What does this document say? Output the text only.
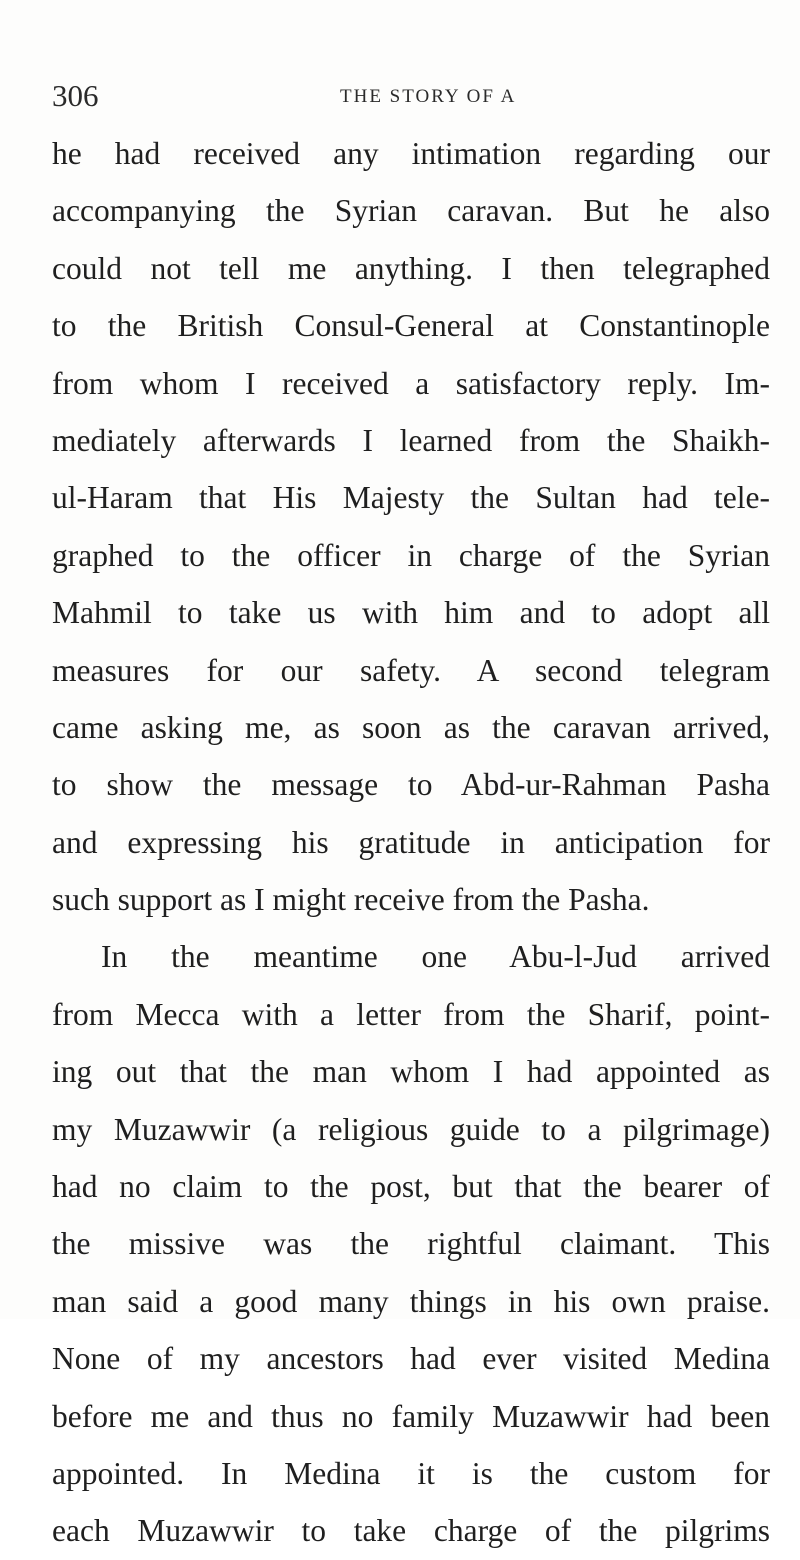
306	THE STORY OF A
he had received any intimation regarding our
accompanying the Syrian caravan. But he also
could not tell me anything. I then telegraphed
to the British Consul-General at Constantinople
from whom I received a satisfactory reply. Im-
mediately afterwards I learned from the Shaikh-
ul-Haram that His Majesty the Sultan had tele-
graphed to the officer in charge of the Syrian
Mahmil to take us with him and to adopt all
measures for our safety. A second telegram
came asking me, as soon as the caravan arrived,
to show the message to Abd-ur-Rahman Pasha
and expressing his gratitude in anticipation for
such support as I might receive from the Pasha.
In the meantime one Abu-l-Jud arrived
from Mecca with a letter from the Sharif, point-
ing out that the man whom I had appointed as
my Muzawwir (a religious guide to a pilgrimage)
had no claim to the post, but that the bearer of
the missive was the rightful claimant. This
man said a good many things in his own praise.
None of my ancestors had ever visited Medina
before me and thus no family Muzawwir had been
appointed. In Medina it is the custom for
each Muzawwir to take charge of the pilgrims
